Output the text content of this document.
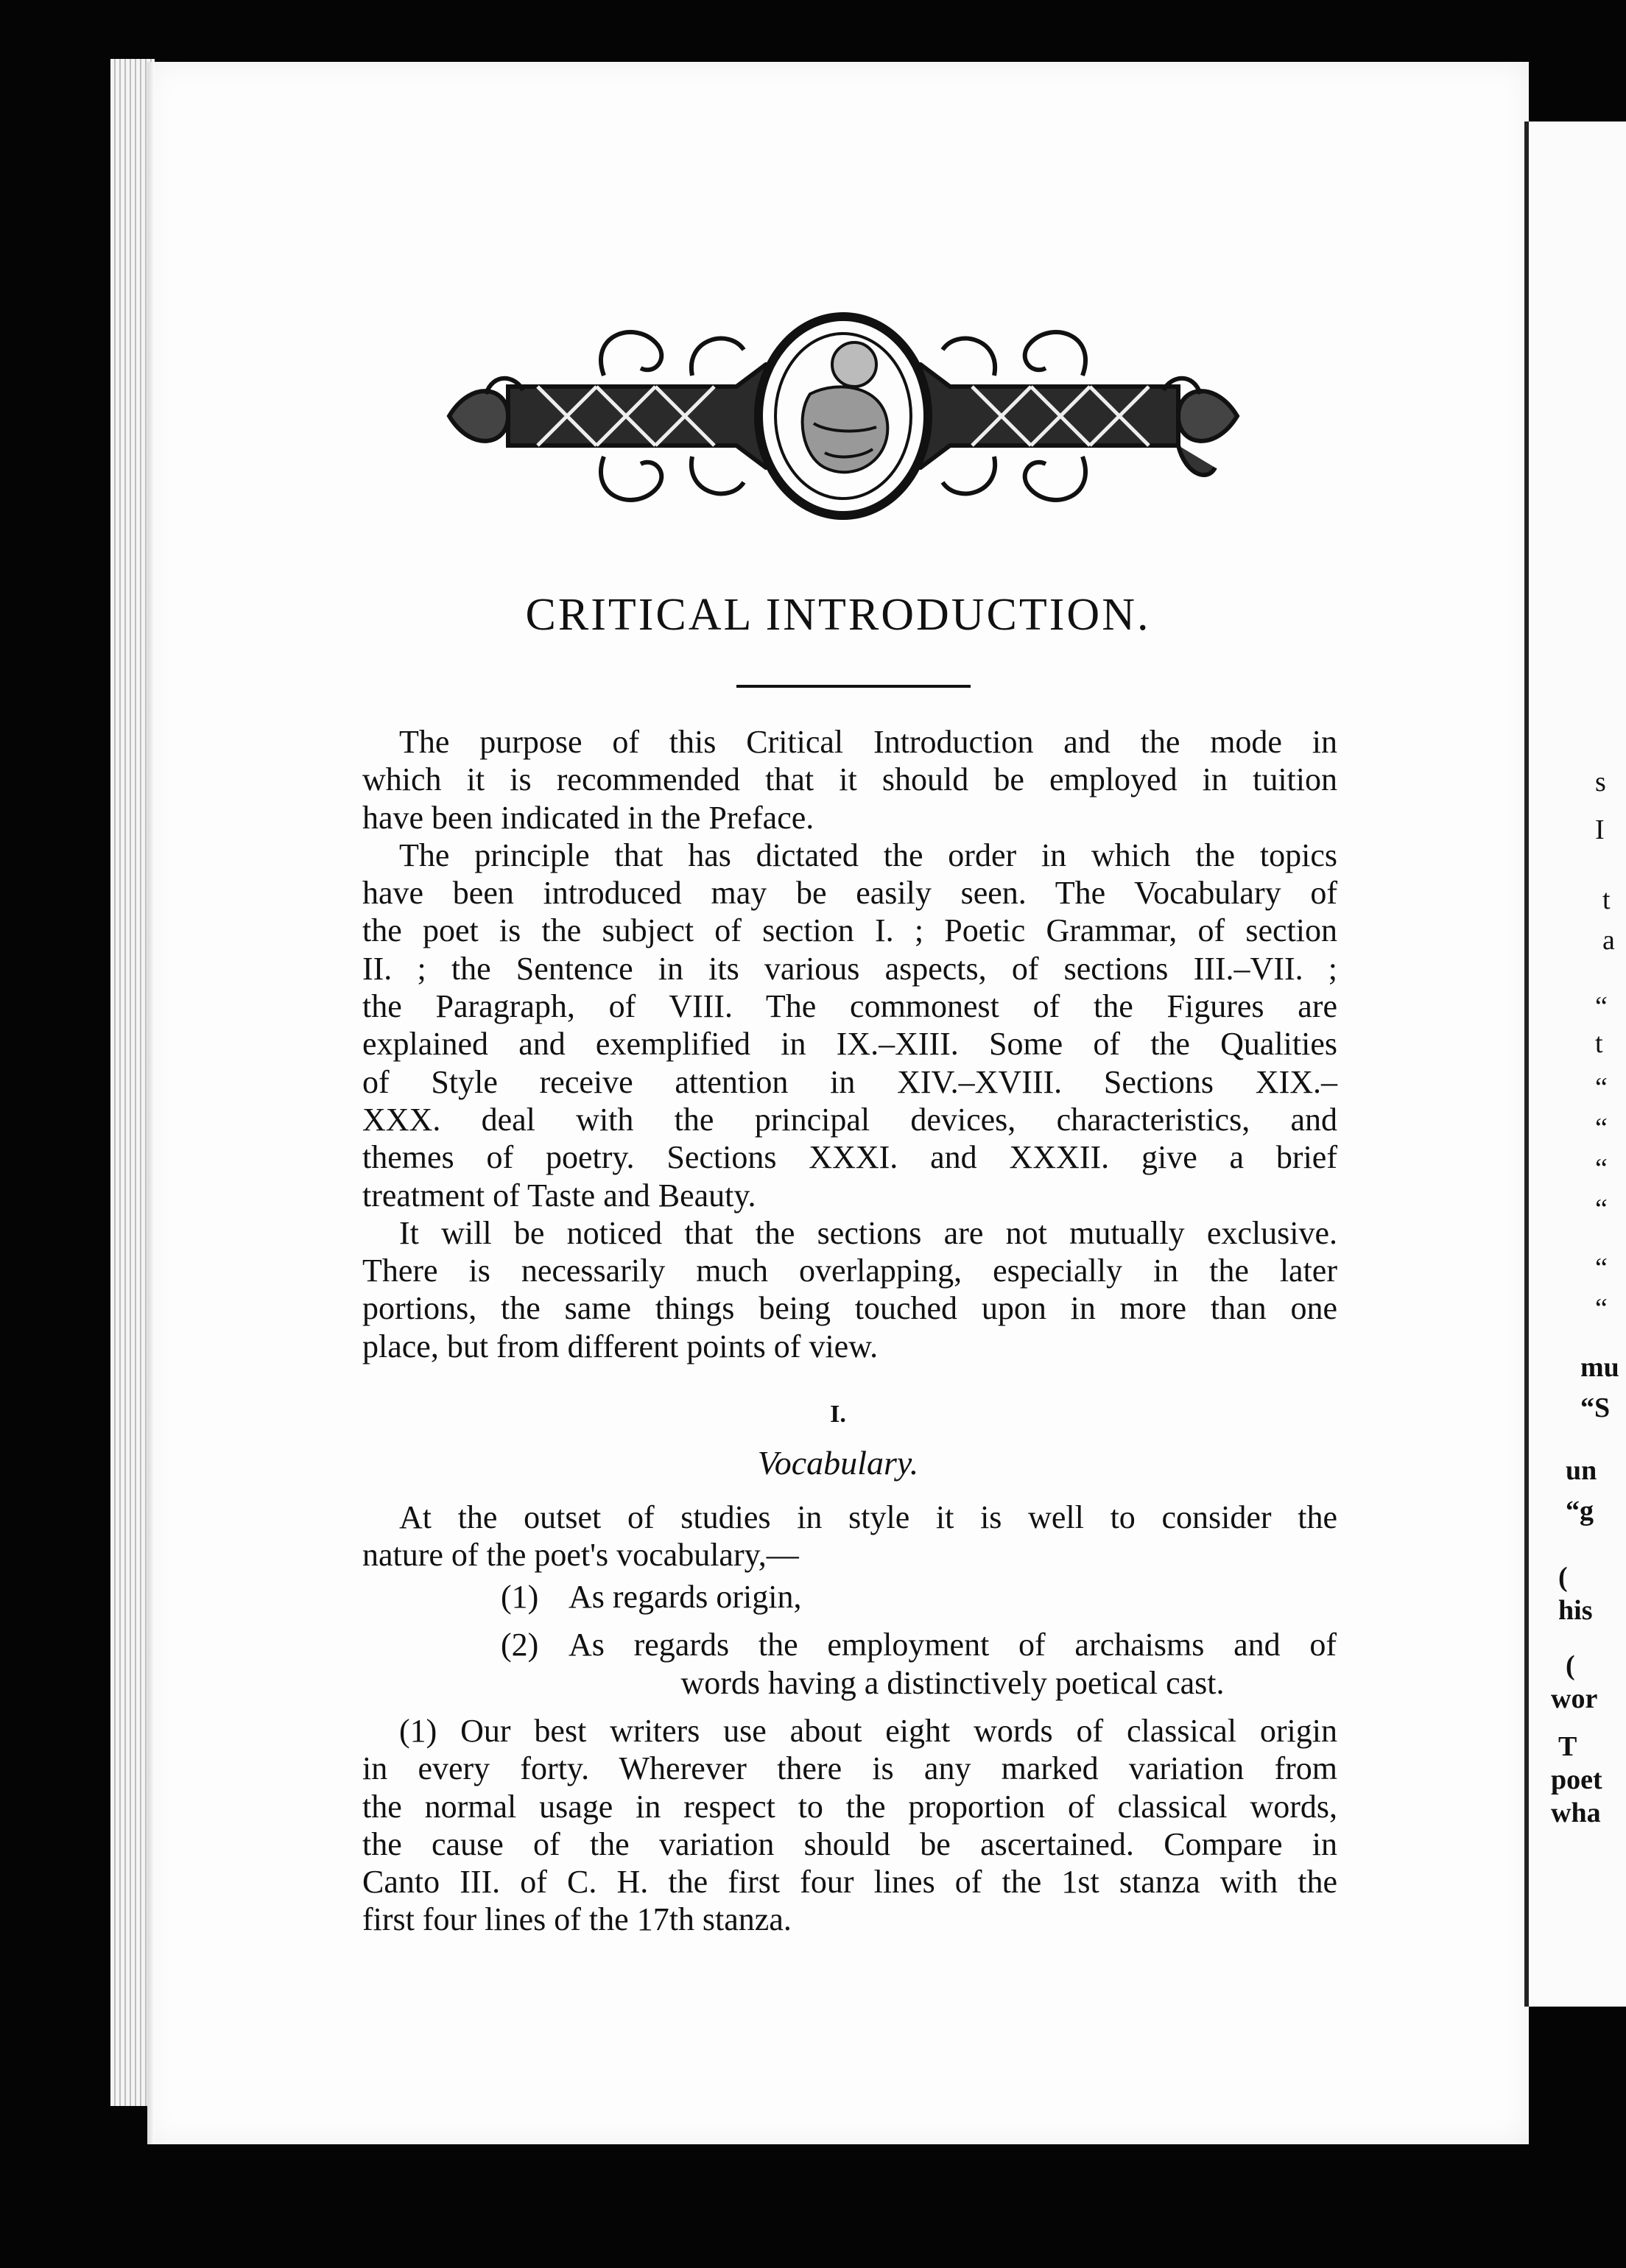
s
I
t
a
“
t
“
“
“
“
“
“
mu
“S
un
“g
(
his
(
wor
T
poet
wha
CRITICAL INTRODUCTION.

The purpose of this Critical Introduction and the mode in

which it is recommended that it should be employed in tuition

have been indicated in the Preface.

The principle that has dictated the order in which the topics

have been introduced may be easily seen. The Vocabulary of

the poet is the subject of section I. ; Poetic Grammar, of section

II. ; the Sentence in its various aspects, of sections III.–VII. ;

the Paragraph, of VIII. The commonest of the Figures are

explained and exemplified in IX.–XIII. Some of the Qualities

of Style receive attention in XIV.–XVIII. Sections XIX.–

XXX. deal with the principal devices, characteristics, and

themes of poetry. Sections XXXI. and XXXII. give a brief

treatment of Taste and Beauty.

It will be noticed that the sections are not mutually exclusive.

There is necessarily much overlapping, especially in the later

portions, the same things being touched upon in more than one

place, but from different points of view.

I.
Vocabulary.

At the outset of studies in style it is well to consider the

nature of the poet's vocabulary,—

(1) As regards origin,
(2) As regards the employment of archaisms and of
words having a distinctively poetical cast.

(1) Our best writers use about eight words of classical origin

in every forty. Wherever there is any marked variation from

the normal usage in respect to the proportion of classical words,

the cause of the variation should be ascertained. Compare in

Canto III. of C. H. the first four lines of the 1st stanza with the

first four lines of the 17th stanza.
